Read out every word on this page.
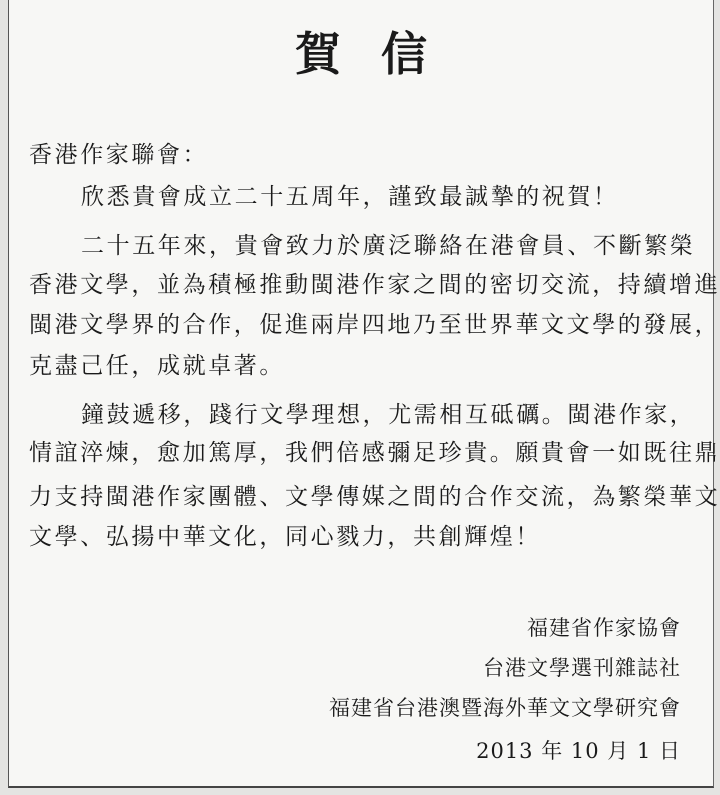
賀信
香港作家聯會：
欣悉貴會成立二十五周年，謹致最誠摯的祝賀！
二十五年來，貴會致力於廣泛聯絡在港會員、不斷繁榮
香港文學，並為積極推動閩港作家之間的密切交流，持續增進
閩港文學界的合作，促進兩岸四地乃至世界華文文學的發展，
克盡己任，成就卓著。
鐘鼓遞移，踐行文學理想，尤需相互砥礪。閩港作家，
情誼淬煉，愈加篤厚，我們倍感彌足珍貴。願貴會一如既往鼎
力支持閩港作家團體、文學傳媒之間的合作交流，為繁榮華文
文學、弘揚中華文化，同心戮力，共創輝煌！
福建省作家協會
台港文學選刊雜誌社
福建省台港澳暨海外華文文學研究會
2013 年 10 月 1 日
